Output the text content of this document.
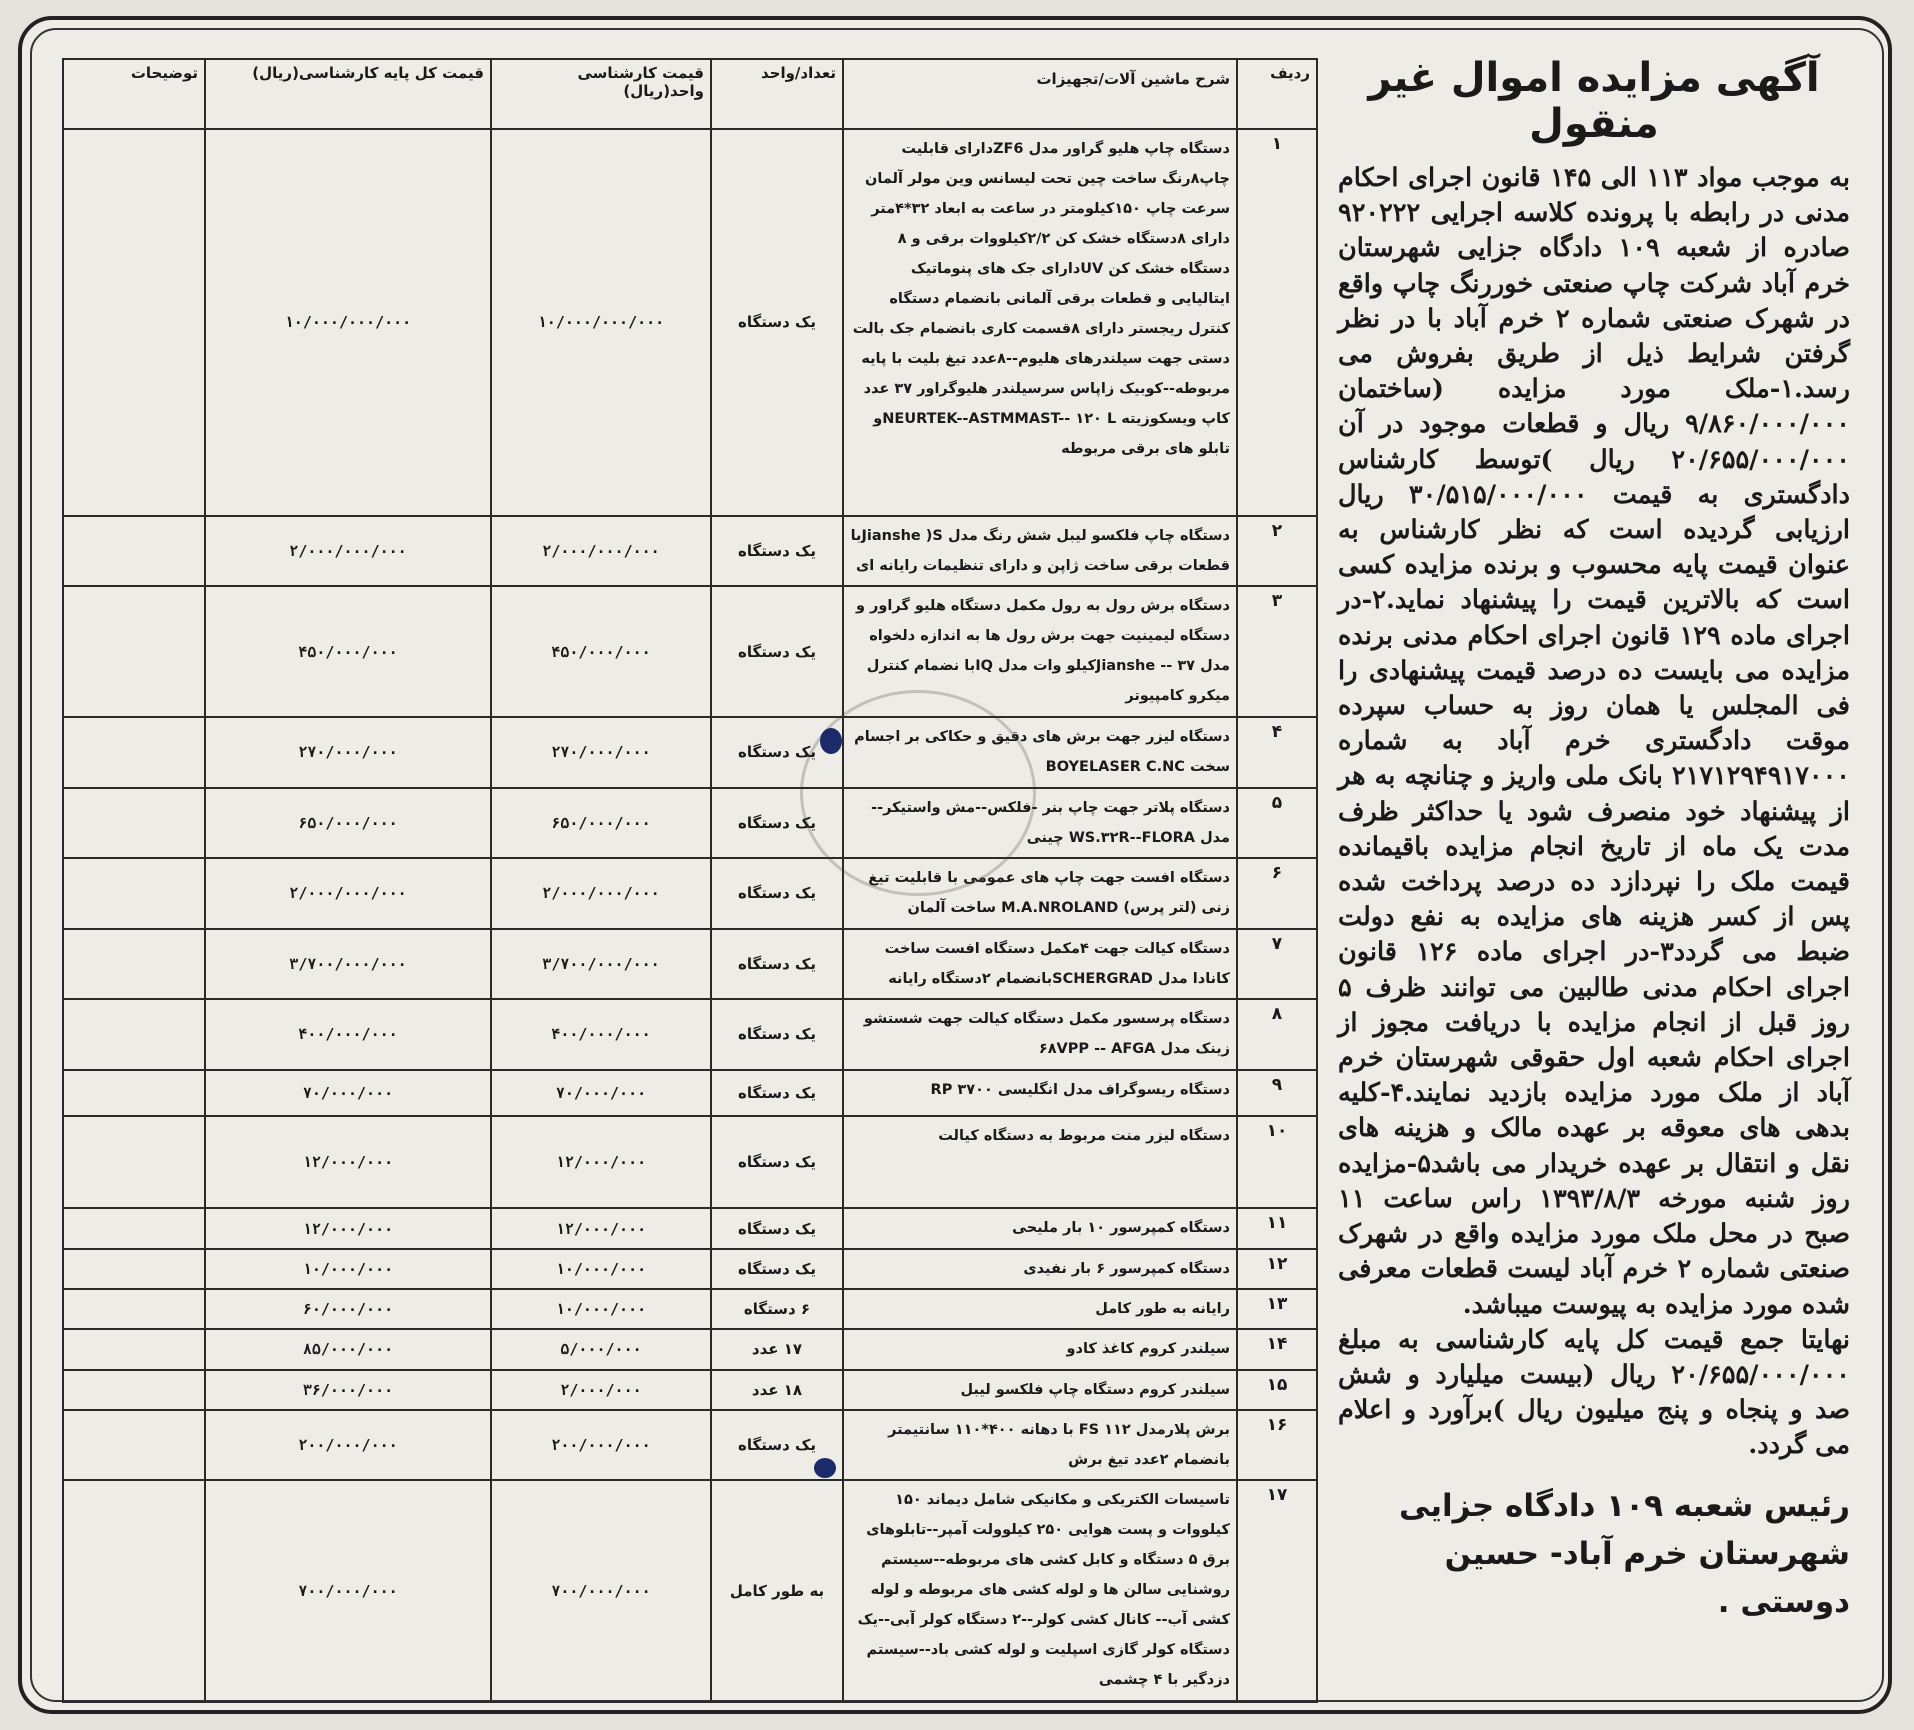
آگهی مزایده اموال غیر منقول

به موجب مواد ۱۱۳ الی ۱۴۵ قانون اجرای احکام مدنی در رابطه با پرونده کلاسه اجرایی ۹۲۰۲۲۲ صادره از شعبه ۱۰۹ دادگاه جزایی شهرستان خرم آباد شرکت چاپ صنعتی خوررنگ چاپ واقع در شهرک صنعتی شماره ۲ خرم آباد با در نظر گرفتن شرایط ذیل از طریق بفروش می رسد.۱-ملک مورد مزایده (ساختمان ۹/۸۶۰/۰۰۰/۰۰۰ ریال و قطعات موجود در آن ۲۰/۶۵۵/۰۰۰/۰۰۰ ریال )توسط کارشناس دادگستری به قیمت ۳۰/۵۱۵/۰۰۰/۰۰۰ ریال ارزیابی گردیده است که نظر کارشناس به عنوان قیمت پایه محسوب و برنده مزایده کسی است که بالاترین قیمت را پیشنهاد نماید.۲-در اجرای ماده ۱۲۹ قانون اجرای احکام مدنی برنده مزایده می بایست ده درصد قیمت پیشنهادی را فی المجلس یا همان روز به حساب سپرده موقت دادگستری خرم آباد به شماره ۲۱۷۱۲۹۴۹۱۷۰۰۰ بانک ملی واریز و چنانچه به هر از پیشنهاد خود منصرف شود یا حداکثر ظرف مدت یک ماه از تاریخ انجام مزایده باقیمانده قیمت ملک را نپردازد ده درصد پرداخت شده پس از کسر هزینه های مزایده به نفع دولت ضبط می گردد۳-در اجرای ماده ۱۲۶ قانون اجرای احکام مدنی طالبین می توانند ظرف ۵ روز قبل از انجام مزایده با دریافت مجوز از اجرای احکام شعبه اول حقوقی شهرستان خرم آباد از ملک مورد مزایده بازدید نمایند.۴-کلیه بدهی های معوقه بر عهده مالک و هزینه های نقل و انتقال بر عهده خریدار می باشد۵-مزایده روز شنبه مورخه ۱۳۹۳/۸/۳ راس ساعت ۱۱ صبح در محل ملک مورد مزایده واقع در شهرک صنعتی شماره ۲ خرم آباد لیست قطعات معرفی شده مورد مزایده به پیوست میباشد.

نهایتا جمع قیمت کل پایه کارشناسی به مبلغ ۲۰/۶۵۵/۰۰۰/۰۰۰ ریال (بیست میلیارد و شش صد و پنجاه و پنج میلیون ریال )برآورد و اعلام می گردد.

رئیس شعبه ۱۰۹ دادگاه جزایی شهرستان خرم آباد- حسین دوستی .
ردیف	شرح ماشین آلات/تجهیزات	تعداد/واحد	قیمت کارشناسی واحد(ریال)	قیمت کل پایه کارشناسی(ریال)	توضیحات
۱	دستگاه چاپ هلیو گراور مدل ZF6دارای قابلیت چاپ۸رنگ ساخت چین تحت لیسانس وین مولر آلمان سرعت چاپ ۱۵۰کیلومتر در ساعت به ابعاد ۳۲*۴متر دارای ۸دستگاه خشک کن ۲/۲کیلووات برقی و ۸ دستگاه خشک کن UVدارای جک های پنوماتیک ایتالیایی و قطعات برقی آلمانی بانضمام دستگاه کنترل ریجستر دارای ۸قسمت کاری بانضمام جک بالت دستی جهت سیلندرهای هلیوم--۸عدد تیغ بلیت با پایه مربوطه--کوبیک زاپاس سرسیلندر هلیوگراور ۳۷ عدد کاپ ویسکوزیته NEURTEK--ASTMMAST-- ۱۲۰ Lو تابلو های برقی مربوطه	یک دستگاه	۱۰/۰۰۰/۰۰۰/۰۰۰	۱۰/۰۰۰/۰۰۰/۰۰۰	
۲	دستگاه چاپ فلکسو لیبل شش رنگ مدل Jianshe )Sبا قطعات برقی ساخت ژاپن و دارای تنظیمات رایانه ای	یک دستگاه	۲/۰۰۰/۰۰۰/۰۰۰	۲/۰۰۰/۰۰۰/۰۰۰	
۳	دستگاه برش رول به رول مکمل دستگاه هلیو گراور و دستگاه لیمینیت جهت برش رول ها به اندازه دلخواه مدل Jianshe -- ۳۷کیلو وات مدل IQبا نضمام کنترل میکرو کامپیوتر	یک دستگاه	۴۵۰/۰۰۰/۰۰۰	۴۵۰/۰۰۰/۰۰۰	
۴	دستگاه لیزر جهت برش های دقیق و حکاکی بر اجسام سخت BOYELASER C.NC	یک دستگاه	۲۷۰/۰۰۰/۰۰۰	۲۷۰/۰۰۰/۰۰۰	
۵	دستگاه پلاتر جهت چاپ بنر -فلکس--مش واستیکر-- مدل WS.۳۲R--FLORA چینی	یک دستگاه	۶۵۰/۰۰۰/۰۰۰	۶۵۰/۰۰۰/۰۰۰	
۶	دستگاه افست جهت چاپ های عمومی با قابلیت تیغ زنی (لتر پرس) M.A.NROLAND ساخت آلمان	یک دستگاه	۲/۰۰۰/۰۰۰/۰۰۰	۲/۰۰۰/۰۰۰/۰۰۰	
۷	دستگاه کیالت جهت ۴مکمل دستگاه افست ساخت کانادا مدل SCHERGRADبانضمام ۲دستگاه رایانه	یک دستگاه	۳/۷۰۰/۰۰۰/۰۰۰	۳/۷۰۰/۰۰۰/۰۰۰	
۸	دستگاه پرسسور مکمل دستگاه کیالت جهت شستشو زینک مدل ۶۸VPP -- AFGA	یک دستگاه	۴۰۰/۰۰۰/۰۰۰	۴۰۰/۰۰۰/۰۰۰	
۹	دستگاه ریسوگراف مدل انگلیسی RP ۳۷۰۰	یک دستگاه	۷۰/۰۰۰/۰۰۰	۷۰/۰۰۰/۰۰۰	
۱۰	دستگاه لیزر منت مربوط به دستگاه کیالت	یک دستگاه	۱۲/۰۰۰/۰۰۰	۱۲/۰۰۰/۰۰۰	
۱۱	دستگاه کمپرسور ۱۰ بار ملیحی	یک دستگاه	۱۲/۰۰۰/۰۰۰	۱۲/۰۰۰/۰۰۰	
۱۲	دستگاه کمپرسور ۶ بار نفیدی	یک دستگاه	۱۰/۰۰۰/۰۰۰	۱۰/۰۰۰/۰۰۰	
۱۳	رایانه به طور کامل	۶ دستگاه	۱۰/۰۰۰/۰۰۰	۶۰/۰۰۰/۰۰۰	
۱۴	سیلندر کروم کاغذ کادو	۱۷ عدد	۵/۰۰۰/۰۰۰	۸۵/۰۰۰/۰۰۰	
۱۵	سیلندر کروم دستگاه چاپ فلکسو لیبل	۱۸ عدد	۲/۰۰۰/۰۰۰	۳۶/۰۰۰/۰۰۰	
۱۶	برش پلارمدل FS ۱۱۲ با دهانه ۴۰۰*۱۱۰ سانتیمتر بانضمام ۲عدد تیغ برش	یک دستگاه	۲۰۰/۰۰۰/۰۰۰	۲۰۰/۰۰۰/۰۰۰	
۱۷	تاسیسات الکتریکی و مکانیکی شامل دیماند ۱۵۰ کیلووات و پست هوایی ۲۵۰ کیلوولت آمپر--تابلوهای برق ۵ دستگاه و کابل کشی های مربوطه--سیستم روشنایی سالن ها و لوله کشی های مربوطه و لوله کشی آب-- کانال کشی کولر--۲ دستگاه کولر آبی--یک دستگاه کولر گازی اسپلیت و لوله کشی باد--سیستم دزدگیر با ۴ چشمی	به طور کامل	۷۰۰/۰۰۰/۰۰۰	۷۰۰/۰۰۰/۰۰۰	
